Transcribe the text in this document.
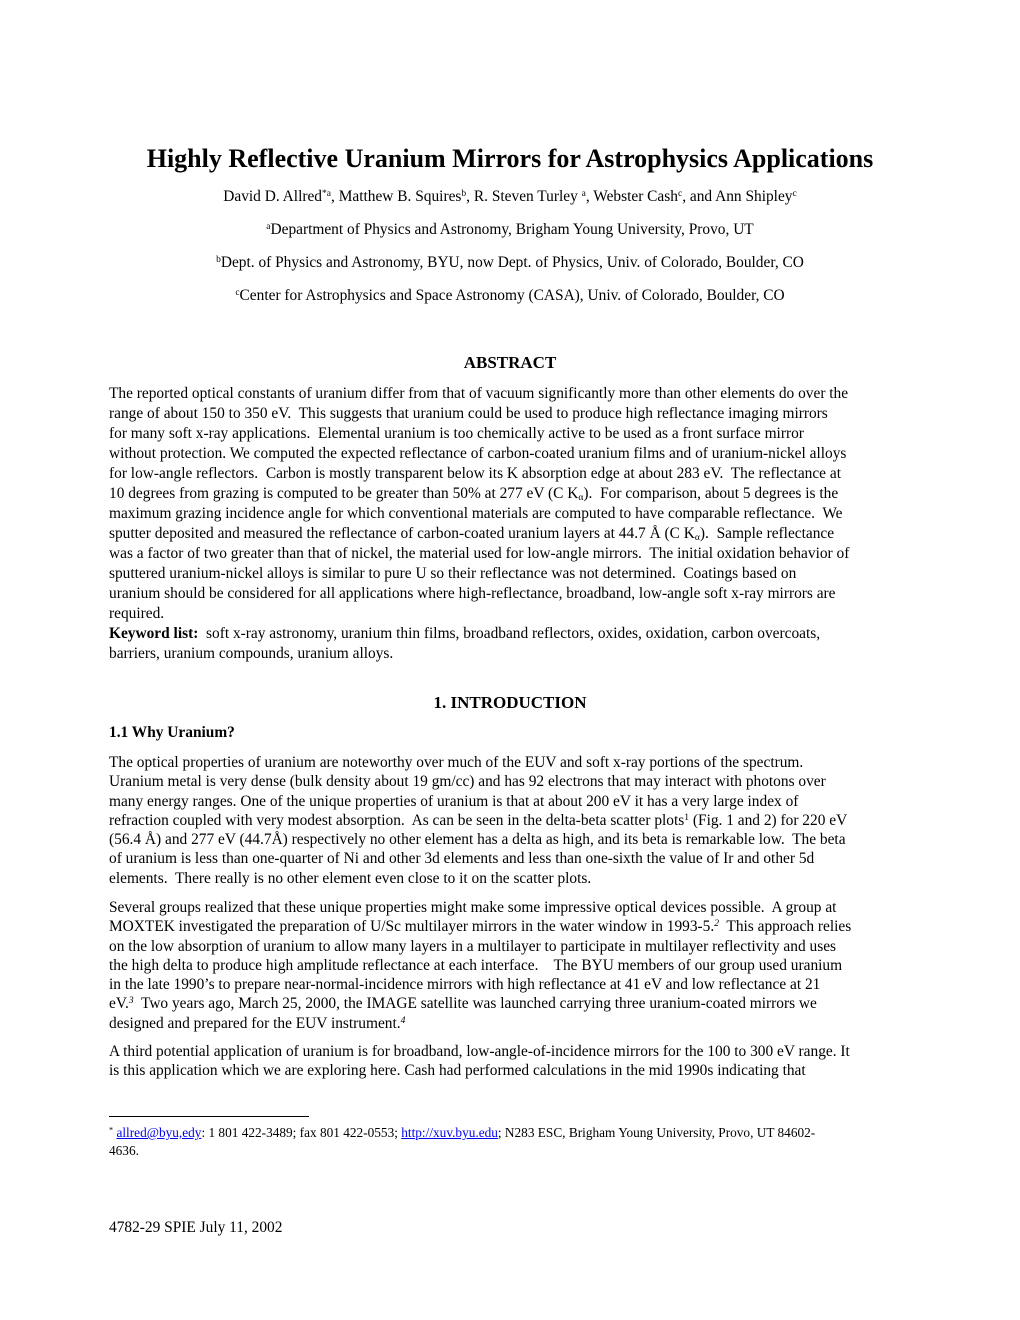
Highly Reflective Uranium Mirrors for Astrophysics Applications
David D. Allred$^{*a}$, Matthew B. Squires$^b$, R. Steven Turley $^a$, Webster Cash$^c$, and Ann Shipley$^c$
$^a$Department of Physics and Astronomy, Brigham Young University, Provo, UT
$^b$Dept. of Physics and Astronomy, BYU, now Dept. of Physics, Univ. of Colorado, Boulder, CO
$^c$Center for Astrophysics and Space Astronomy (CASA), Univ. of Colorado, Boulder, CO
ABSTRACT
The reported optical constants of uranium differ from that of vacuum significantly more than other elements do over the
range of about 150 to 350 eV.  This suggests that uranium could be used to produce high reflectance imaging mirrors
for many soft x-ray applications.  Elemental uranium is too chemically active to be used as a front surface mirror
without protection. We computed the expected reflectance of carbon-coated uranium films and of uranium-nickel alloys
for low-angle reflectors.  Carbon is mostly transparent below its K absorption edge at about 283 eV.  The reflectance at
10 degrees from grazing is computed to be greater than 50% at 277 eV (C $K_\alpha$).  For comparison, about 5 degrees is the
maximum grazing incidence angle for which conventional materials are computed to have comparable reflectance.  We
sputter deposited and measured the reflectance of carbon-coated uranium layers at 44.7 Å (C $K_\alpha$).  Sample reflectance
was a factor of two greater than that of nickel, the material used for low-angle mirrors.  The initial oxidation behavior of
sputtered uranium-nickel alloys is similar to pure U so their reflectance was not determined.  Coatings based on
uranium should be considered for all applications where high-reflectance, broadband, low-angle soft x-ray mirrors are
required.
Keyword list:  soft x-ray astronomy, uranium thin films, broadband reflectors, oxides, oxidation, carbon overcoats,
barriers, uranium compounds, uranium alloys.
1. INTRODUCTION
1.1 Why Uranium?
The optical properties of uranium are noteworthy over much of the EUV and soft x-ray portions of the spectrum.
Uranium metal is very dense (bulk density about 19 gm/cc) and has 92 electrons that may interact with photons over
many energy ranges. One of the unique properties of uranium is that at about 200 eV it has a very large index of
refraction coupled with very modest absorption.  As can be seen in the delta-beta scatter plots$^1$ (Fig. 1 and 2) for 220 eV
(56.4 Å) and 277 eV (44.7Å) respectively no other element has a delta as high, and its beta is remarkable low.  The beta
of uranium is less than one-quarter of Ni and other 3d elements and less than one-sixth the value of Ir and other 5d
elements.  There really is no other element even close to it on the scatter plots.
Several groups realized that these unique properties might make some impressive optical devices possible.  A group at
MOXTEK investigated the preparation of U/Sc multilayer mirrors in the water window in 1993-5.$^2$  This approach relies
on the low absorption of uranium to allow many layers in a multilayer to participate in multilayer reflectivity and uses
the high delta to produce high amplitude reflectance at each interface.    The BYU members of our group used uranium
in the late 1990’s to prepare near-normal-incidence mirrors with high reflectance at 41 eV and low reflectance at 21
eV.$^3$  Two years ago, March 25, 2000, the IMAGE satellite was launched carrying three uranium-coated mirrors we
designed and prepared for the EUV instrument.$^4$
A third potential application of uranium is for broadband, low-angle-of-incidence mirrors for the 100 to 300 eV range. It
is this application which we are exploring here. Cash had performed calculations in the mid 1990s indicating that
* allred@byu,edy: 1 801 422-3489; fax 801 422-0553; http://xuv.byu.edu; N283 ESC, Brigham Young University, Provo, UT 84602-
4636.
4782-29 SPIE July 11, 2002
